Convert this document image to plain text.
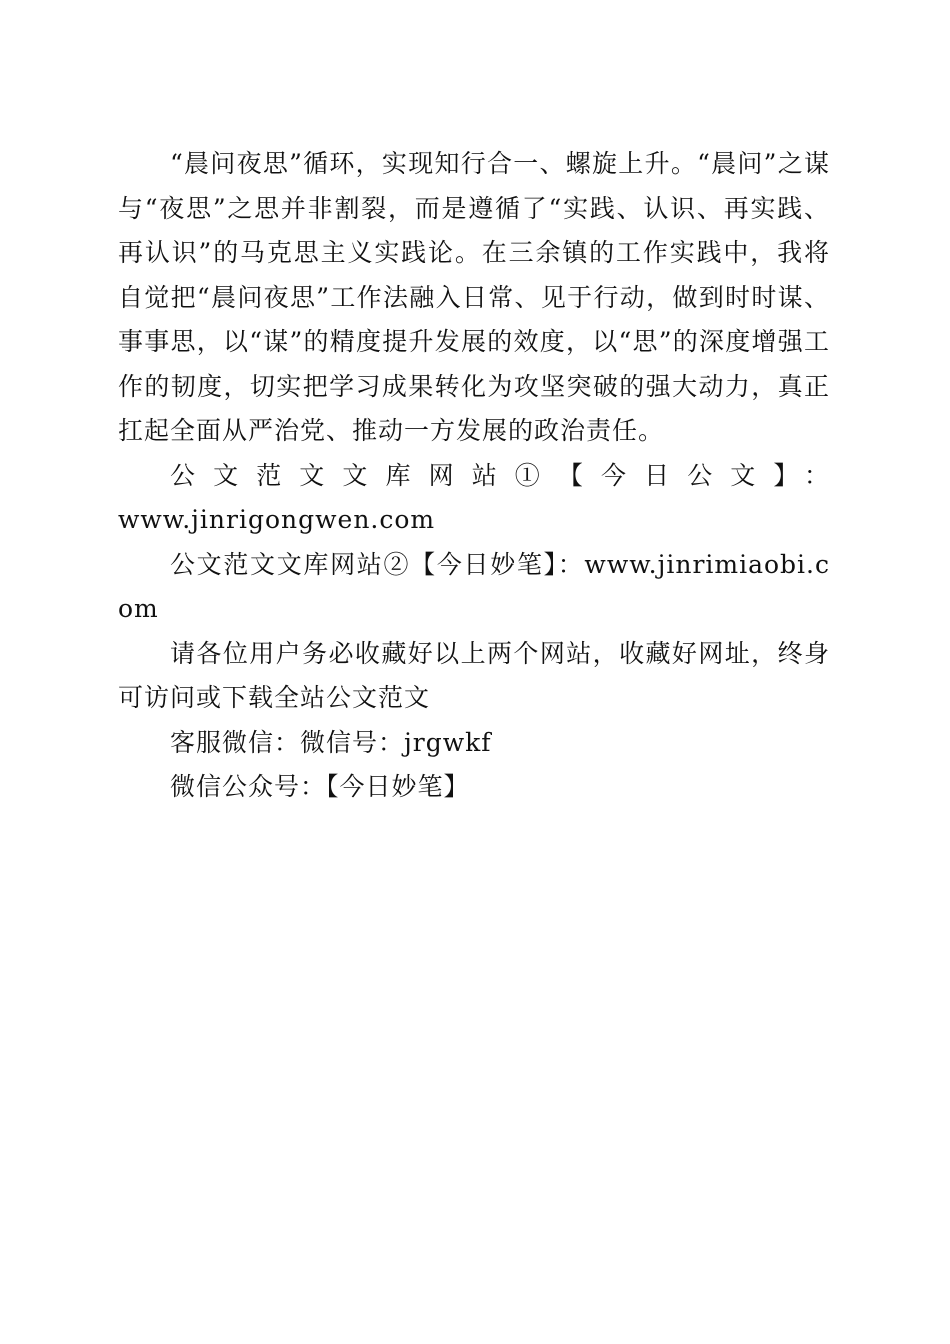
“晨问夜思”循环，实现知行合一、螺旋上升。“晨问”之谋与“夜思”之思并非割裂，而是遵循了“实践、认识、再实践、再认识”的马克思主义实践论。在三余镇的工作实践中，我将自觉把“晨问夜思”工作法融入日常、见于行动，做到时时谋、事事思，以“谋”的精度提升发展的效度，以“思”的深度增强工作的韧度，切实把学习成果转化为攻坚突破的强大动力，真正扛起全面从严治党、推动一方发展的政治责任。

公文范文文库网站①【今日公文】：

www.jinrigongwen.com

公文范文文库网站②【今日妙笔】：www.jinrimiaobi.com

请各位用户务必收藏好以上两个网站，收藏好网址，终身可访问或下载全站公文范文

客服微信：微信号：jrgwkf

微信公众号：【今日妙笔】
